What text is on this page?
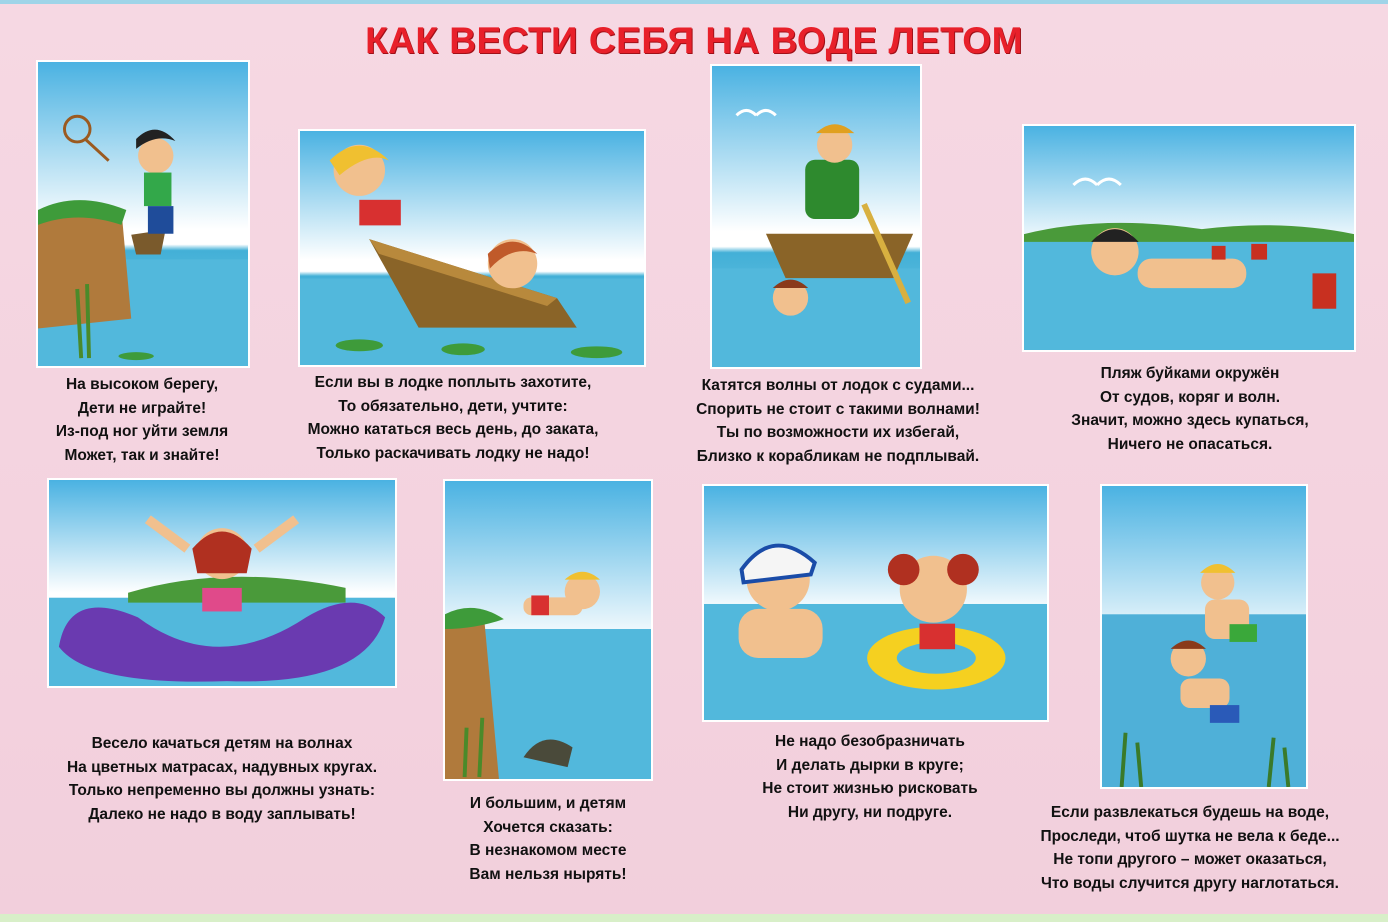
КАК ВЕСТИ СЕБЯ НА ВОДЕ ЛЕТОМ
На высоком берегу,
Дети не играйте!
Из-под ног уйти земля
Может, так и знайте!
Если вы в лодке поплыть захотите,
То обязательно, дети, учтите:
Можно кататься весь день, до заката,
Только раскачивать лодку не надо!
Катятся волны от лодок с судами...
Спорить не стоит с такими волнами!
Ты по возможности их избегай,
Близко к корабликам не подплывай.
Пляж буйками окружён
От судов, коряг и волн.
Значит, можно здесь купаться,
Ничего не опасаться.
Весело качаться детям на волнах
На цветных матрасах, надувных кругах.
Только непременно вы должны узнать:
Далеко не надо в воду заплывать!
И большим, и детям
Хочется сказать:
В незнакомом месте
Вам нельзя нырять!
Не надо безобразничать
И делать дырки в круге;
Не стоит жизнью рисковать
Ни другу, ни подруге.	Если развлекаться будешь на воде,
Проследи, чтоб шутка не вела к беде...
Не топи другого – может оказаться,
Что воды случится другу наглотаться.
